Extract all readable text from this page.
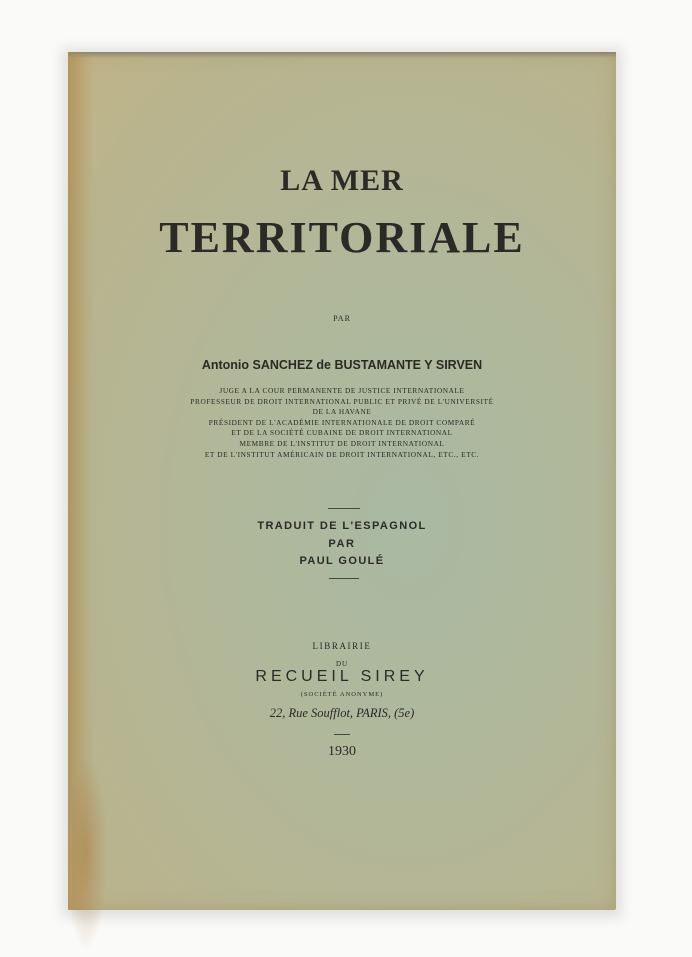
LA MER
TERRITORIALE
PAR
Antonio SANCHEZ de BUSTAMANTE Y SIRVEN
JUGE A LA COUR PERMANENTE DE JUSTICE INTERNATIONALE
PROFESSEUR DE DROIT INTERNATIONAL PUBLIC ET PRIVÉ DE L'UNIVERSITÉ
DE LA HAVANE
PRÉSIDENT DE L'ACADÉMIE INTERNATIONALE DE DROIT COMPARÉ
ET DE LA SOCIÉTÉ CUBAINE DE DROIT INTERNATIONAL
MEMBRE DE L'INSTITUT DE DROIT INTERNATIONAL
ET DE L'INSTITUT AMÉRICAIN DE DROIT INTERNATIONAL, ETC., ETC.
TRADUIT DE L'ESPAGNOL
PAR
PAUL GOULÉ
LIBRAIRIE
DU
RECUEIL SIREY
(SOCIÉTÉ ANONYME)
22, Rue Soufflot, PARIS, (5e)
1930
